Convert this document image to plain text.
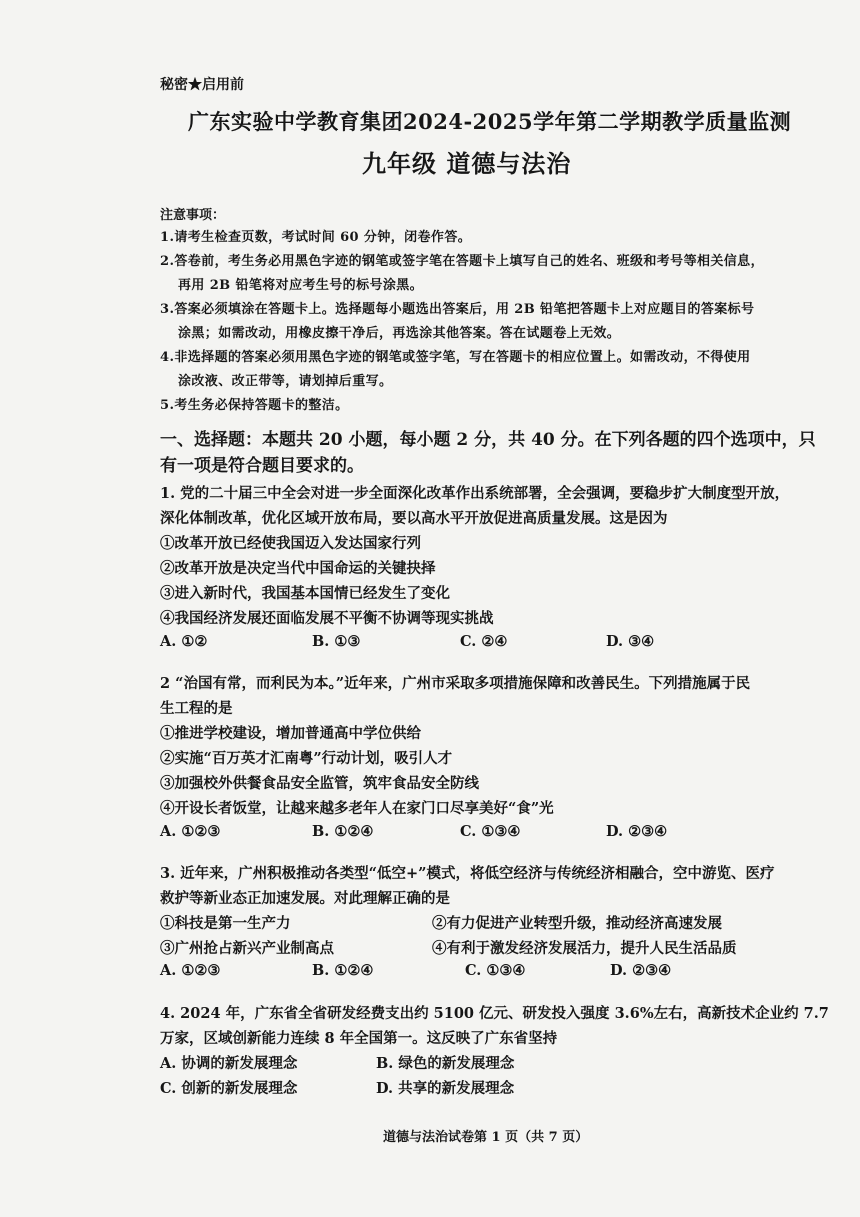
秘密★启用前
广东实验中学教育集团2024-2025学年第二学期教学质量监测
九年级 道德与法治
注意事项：
1.请考生检查页数，考试时间 60 分钟，闭卷作答。
2.答卷前，考生务必用黑色字迹的钢笔或签字笔在答题卡上填写自己的姓名、班级和考号等相关信息，
再用 2B 铅笔将对应考生号的标号涂黑。
3.答案必须填涂在答题卡上。选择题每小题选出答案后，用 2B 铅笔把答题卡上对应题目的答案标号
涂黑；如需改动，用橡皮擦干净后，再选涂其他答案。答在试题卷上无效。
4.非选择题的答案必须用黑色字迹的钢笔或签字笔，写在答题卡的相应位置上。如需改动，不得使用
涂改液、改正带等，请划掉后重写。
5.考生务必保持答题卡的整洁。
一、选择题：本题共 20 小题，每小题 2 分，共 40 分。在下列各题的四个选项中，只
有一项是符合题目要求的。
1. 党的二十届三中全会对进一步全面深化改革作出系统部署，全会强调，要稳步扩大制度型开放，
深化体制改革，优化区域开放布局，要以高水平开放促进高质量发展。这是因为
①改革开放已经使我国迈入发达国家行列
②改革开放是决定当代中国命运的关键抉择
③进入新时代，我国基本国情已经发生了变化
④我国经济发展还面临发展不平衡不协调等现实挑战
A. ①②	B. ①③	C. ②④	D. ③④
2 “治国有常，而利民为本。”近年来，广州市采取多项措施保障和改善民生。下列措施属于民
生工程的是
①推进学校建设，增加普通高中学位供给
②实施“百万英才汇南粤”行动计划，吸引人才
③加强校外供餐食品安全监管，筑牢食品安全防线
④开设长者饭堂，让越来越多老年人在家门口尽享美好“食”光
A. ①②③	B. ①②④	C. ①③④	D. ②③④
3. 近年来，广州积极推动各类型“低空+”模式，将低空经济与传统经济相融合，空中游览、医疗
救护等新业态正加速发展。对此理解正确的是
①科技是第一生产力	②有力促进产业转型升级，推动经济高速发展
③广州抢占新兴产业制高点	④有利于激发经济发展活力，提升人民生活品质
A. ①②③	B. ①②④	C. ①③④	D. ②③④
4. 2024 年，广东省全省研发经费支出约 5100 亿元、研发投入强度 3.6%左右，高新技术企业约 7.7
万家，区域创新能力连续 8 年全国第一。这反映了广东省坚持
A. 协调的新发展理念	B. 绿色的新发展理念
C. 创新的新发展理念	D. 共享的新发展理念
道德与法治试卷第 1 页（共 7 页）
